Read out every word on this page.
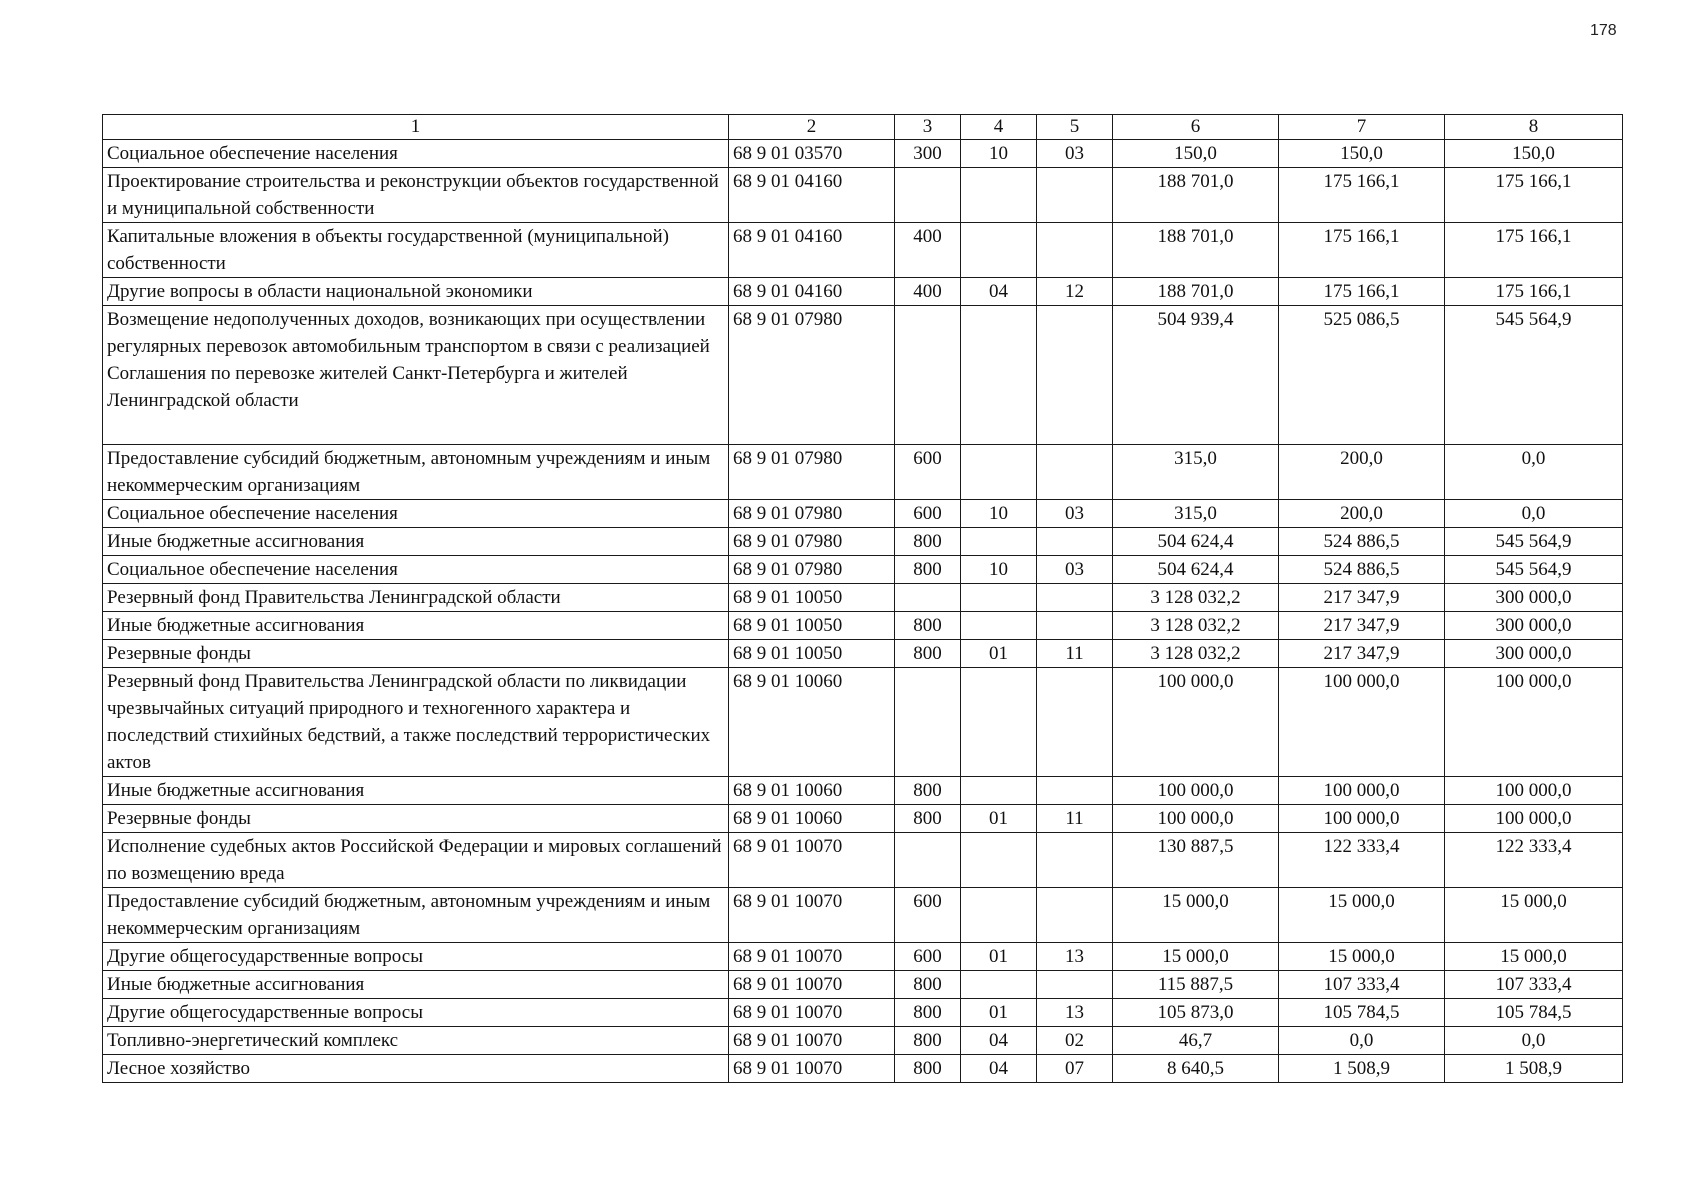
178
1	2	3	4	5	6	7	8
Социальное обеспечение населения	68 9 01 03570	300	10	03	150,0	150,0	150,0
Проектирование строительства и реконструкции объектов государственной и муниципальной собственности	68 9 01 04160				188 701,0	175 166,1	175 166,1
Капитальные вложения в объекты государственной (муниципальной) собственности	68 9 01 04160	400			188 701,0	175 166,1	175 166,1
Другие вопросы в области национальной экономики	68 9 01 04160	400	04	12	188 701,0	175 166,1	175 166,1
Возмещение недополученных доходов, возникающих при осуществлении регулярных перевозок автомобильным транспортом в связи с реализацией Соглашения по перевозке жителей Санкт-Петербурга и жителей Ленинградской области	68 9 01 07980				504 939,4	525 086,5	545 564,9
Предоставление субсидий бюджетным, автономным учреждениям и иным некоммерческим организациям	68 9 01 07980	600			315,0	200,0	0,0
Социальное обеспечение населения	68 9 01 07980	600	10	03	315,0	200,0	0,0
Иные бюджетные ассигнования	68 9 01 07980	800			504 624,4	524 886,5	545 564,9
Социальное обеспечение населения	68 9 01 07980	800	10	03	504 624,4	524 886,5	545 564,9
Резервный фонд Правительства Ленинградской области	68 9 01 10050				3 128 032,2	217 347,9	300 000,0
Иные бюджетные ассигнования	68 9 01 10050	800			3 128 032,2	217 347,9	300 000,0
Резервные фонды	68 9 01 10050	800	01	11	3 128 032,2	217 347,9	300 000,0
Резервный фонд Правительства Ленинградской области по ликвидации чрезвычайных ситуаций природного и техногенного характера и последствий стихийных бедствий, а также последствий террористических актов	68 9 01 10060				100 000,0	100 000,0	100 000,0
Иные бюджетные ассигнования	68 9 01 10060	800			100 000,0	100 000,0	100 000,0
Резервные фонды	68 9 01 10060	800	01	11	100 000,0	100 000,0	100 000,0
Исполнение судебных актов Российской Федерации и мировых соглашений по возмещению вреда	68 9 01 10070				130 887,5	122 333,4	122 333,4
Предоставление субсидий бюджетным, автономным учреждениям и иным некоммерческим организациям	68 9 01 10070	600			15 000,0	15 000,0	15 000,0
Другие общегосударственные вопросы	68 9 01 10070	600	01	13	15 000,0	15 000,0	15 000,0
Иные бюджетные ассигнования	68 9 01 10070	800			115 887,5	107 333,4	107 333,4
Другие общегосударственные вопросы	68 9 01 10070	800	01	13	105 873,0	105 784,5	105 784,5
Топливно-энергетический комплекс	68 9 01 10070	800	04	02	46,7	0,0	0,0
Лесное хозяйство	68 9 01 10070	800	04	07	8 640,5	1 508,9	1 508,9
